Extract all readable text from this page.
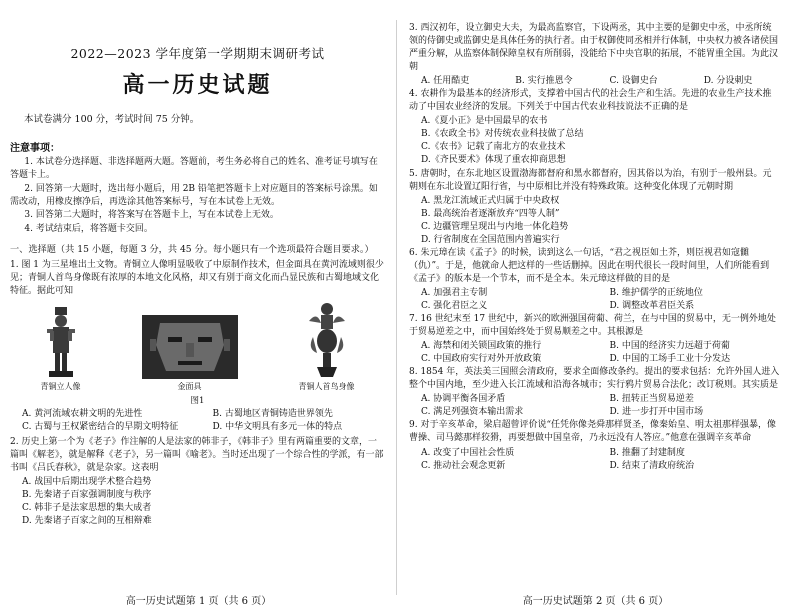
2022—2023 学年度第一学期期末调研考试
高一历史试题
本试卷满分 100 分，考试时间 75 分钟。
注意事项：
1. 本试卷分选择题、非选择题两大题。答题前，考生务必将自己的姓名、准考证号填写在答题卡上。
2. 回答第一大题时，选出每小题后，用 2B 铅笔把答题卡上对应题目的答案标号涂黑。如需改动，用橡皮擦净后，再选涂其他答案标号，写在本试卷上无效。
3. 回答第二大题时，将答案写在答题卡上，写在本试卷上无效。
4. 考试结束后，将答题卡交回。
一、选择题（共 15 小题，每题 3 分，共 45 分。每小题只有一个选项最符合题目要求。）
1. 图 1 为三星堆出土文物。青铜立人像明显吸收了中原制作技术，但金面具在黄河流域则很少见；青铜人首鸟身像既有浓厚的本地文化风格，却又有别于商文化而凸显民族和古蜀地域文化特征。据此可知
青铜立人像	金面具	青铜人首鸟身像
图1
A. 黄河流域农耕文明的先进性	B. 古蜀地区青铜铸造世界领先
C. 古蜀与王权紧密结合的早期文明特征	D. 中华文明具有多元一体的特点
2. 历史上第一个为《老子》作注解的人是法家的韩非子，《韩非子》里有两篇重要的文章，一篇叫《解老》，就是解释《老子》，另一篇叫《喻老》。当时还出现了一个综合性的学派，有一部书叫《吕氏春秋》，就是杂家。这表明
A. 战国中后期出现学术整合趋势
B. 先秦诸子百家强调制度与秩序
C. 韩非子是法家思想的集大成者
D. 先秦诸子百家之间的互相辩难
高一历史试题第 1 页（共 6 页）
3. 西汉初年，设立御史大夫，为最高监察官，下设两丞，其中主要的是御史中丞，中丞所统领的侍御史或监御史是具体任务的执行者。由于权御使同丞相并行体制，中央权力被各诸侯国严重分解，从监察体制保障皇权有所削弱，没能给下中央官职的拓展，不能胃重全国。为此汉朝
A. 任用酷吏	B. 实行推恩令	C. 设御史台	D. 分设刺史
4. 农耕作为最基本的经济形式，支撑着中国古代的社会生产和生活。先进的农业生产技术推动了中国农业经济的发展。下列关于中国古代农业科技说法不正确的是
A.《夏小正》是中国最早的农书
B.《农政全书》对传统农业科技做了总结
C.《农书》记载了南北方的农业技术
D.《齐民要术》体现了重农抑商思想
5. 唐朝时，在东北地区设置渤海都督府和黑水都督府，因其俗以为治，有别于一般州县。元朝则在东北设置辽阳行省，与中原相比并没有特殊政策。这种变化体现了元朝时期
A. 黑龙江流域正式归属于中央政权
B. 最高统治者逐渐放弃“四等人制”
C. 边疆管理呈现出与内地一体化趋势
D. 行省制度在全国范围内普遍实行
6. 朱元璋在读《孟子》的时候，读到这么一句话，“君之视臣如土芥，则臣视君如寇雠（仇）”。于是，他就命人把这样的一些话删掉。因此在明代很长一段时间里，人们所能看到《孟子》的版本是一个节本，而不是全本。朱元璋这样做的目的是
A. 加强君主专制	B. 维护儒学的正统地位
C. 强化君臣之义	D. 调整改革君臣关系
7. 16 世纪末至 17 世纪中，新兴的欧洲强国荷葡、荷兰，在与中国的贸易中，无一例外地处于贸易逆差之中，而中国始终处于贸易顺差之中。其根源是
A. 海禁和闭关锁国政策的推行	B. 中国的经济实力远超于荷葡
C. 中国政府实行对外开放政策	D. 中国的工场手工业十分发达
8. 1854 年，英法美三国照会清政府，要求全面修改条约。提出的要求包括：允许外国人进入整个中国内地，至少进入长江流域和沿海各城市；实行鸦片贸易合法化；改订税则。其实质是
A. 协调平衡各国矛盾	B. 扭转正当贸易逆差
C. 满足列强资本输出需求	D. 进一步打开中国市场
9. 对于辛亥革命，梁启超曾评价说“任凭你像尧舜那样贤圣，像秦始皇、明太祖那样强暴，像曹操、司马懿那样狡猾，再要想做中国皇帝，乃永远没有人答应。”他意在强调辛亥革命
A. 改变了中国社会性质	B. 推翻了封建制度
C. 推动社会观念更新	D. 结束了清政府统治
高一历史试题第 2 页（共 6 页）
